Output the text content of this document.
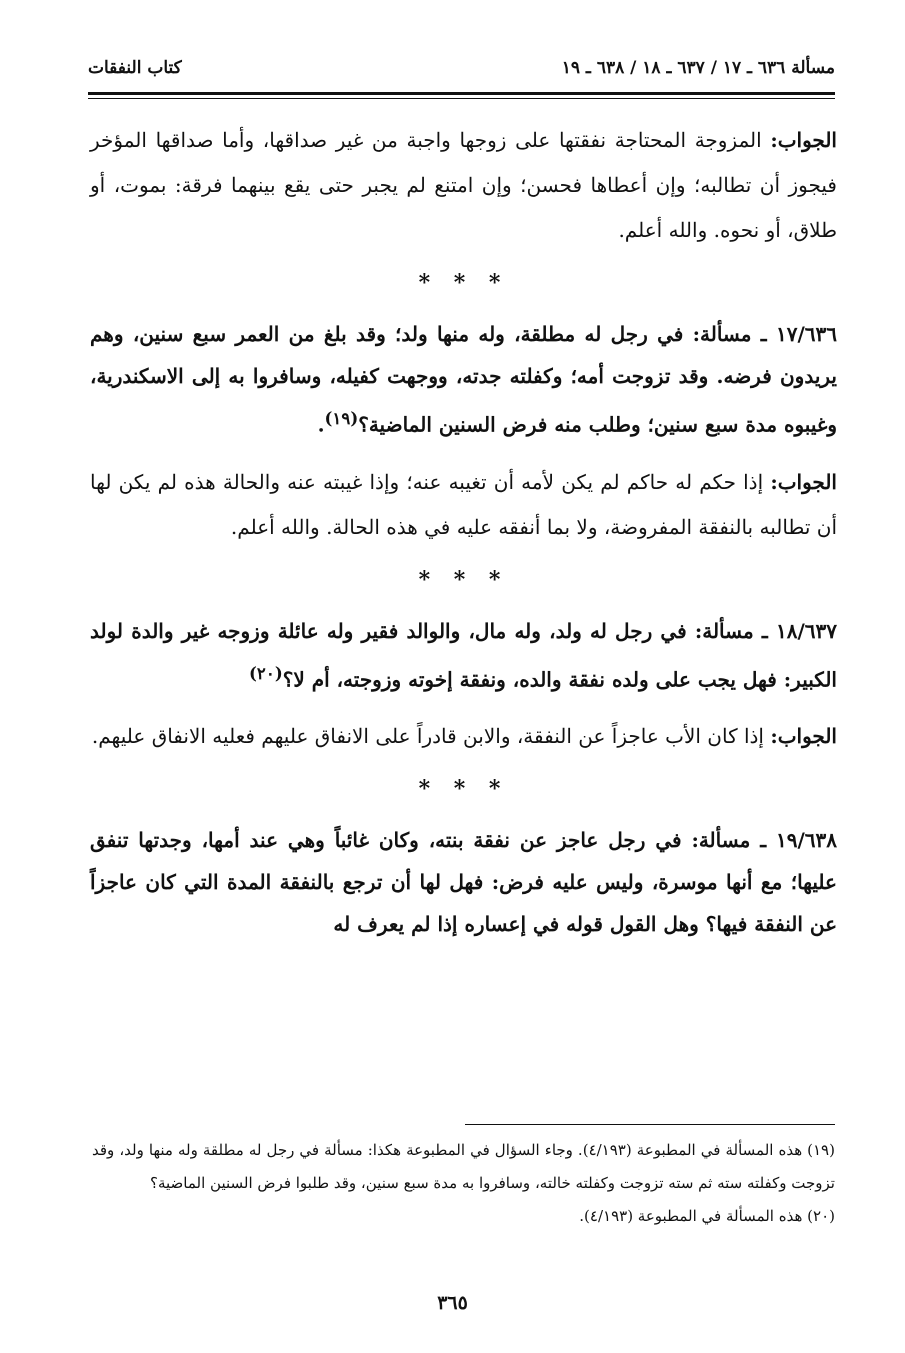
مسألة ٦٣٦ ـ ١٧ / ٦٣٧ ـ ١٨ / ٦٣٨ ـ ١٩
كتاب النفقات

الجواب: المزوجة المحتاجة نفقتها على زوجها واجبة من غير صداقها، وأما صداقها المؤخر فيجوز أن تطالبه؛ وإن أعطاها فحسن؛ وإن امتنع لم يجبر حتى يقع بينهما فرقة: بموت، أو طلاق، أو نحوه. والله أعلم.

* * *

١٧/٦٣٦ ـ مسألة: في رجل له مطلقة، وله منها ولد؛ وقد بلغ من العمر سبع سنين، وهم يريدون فرضه. وقد تزوجت أمه؛ وكفلته جدته، ووجهت كفيله، وسافروا به إلى الاسكندرية، وغيبوه مدة سبع سنين؛ وطلب منه فرض السنين الماضية؟$^{(١٩)}$.

الجواب: إذا حكم له حاكم لم يكن لأمه أن تغيبه عنه؛ وإذا غيبته عنه والحالة هذه لم يكن لها أن تطالبه بالنفقة المفروضة، ولا بما أنفقه عليه في هذه الحالة. والله أعلم.

* * *

١٨/٦٣٧ ـ مسألة: في رجل له ولد، وله مال، والوالد فقير وله عائلة وزوجه غير والدة لولد الكبير: فهل يجب على ولده نفقة والده، ونفقة إخوته وزوجته، أم لا؟$^{(٢٠)}$

الجواب: إذا كان الأب عاجزاً عن النفقة، والابن قادراً على الانفاق عليهم فعليه الانفاق عليهم.

* * *

١٩/٦٣٨ ـ مسألة: في رجل عاجز عن نفقة بنته، وكان غائباً وهي عند أمها، وجدتها تنفق عليها؛ مع أنها موسرة، وليس عليه فرض: فهل لها أن ترجع بالنفقة المدة التي كان عاجزاً عن النفقة فيها؟ وهل القول قوله في إعساره إذا لم يعرف له

(١٩) هذه المسألة في المطبوعة (٤/١٩٣). وجاء السؤال في المطبوعة هكذا: مسألة في رجل له مطلقة وله منها ولد، وقد تزوجت وكفلته سته ثم سته تزوجت وكفلته خالته، وسافروا به مدة سبع سنين، وقد طلبوا فرض السنين الماضية؟

(٢٠) هذه المسألة في المطبوعة (٤/١٩٣).

٣٦٥
